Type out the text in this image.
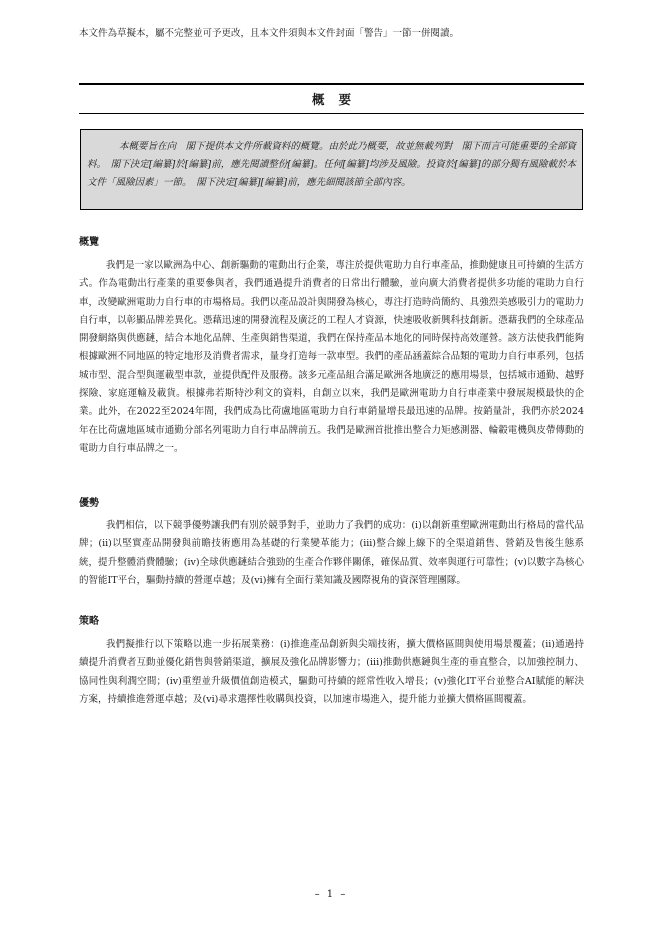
本文件為草擬本，屬不完整並可予更改，且本文件須與本文件封面「警告」一節一併閱讀。
概要
本概要旨在向　閣下提供本文件所載資料的概覽。由於此乃概要，故並無載列對　閣下而言可能重要的全部資料。　閣下決定[編纂]於[編纂]前，應先閱讀整份[編纂]。任何[編纂]均涉及風險。投資於[編纂]的部分獨有風險載於本文件「風險因素」一節。　閣下決定[編纂][編纂]前，應先細閱該節全部內容。
概覽
我們是一家以歐洲為中心、創新驅動的電動出行企業，專注於提供電助力自行車產品，推動健康且可持續的生活方式。作為電動出行產業的重要參與者，我們通過提升消費者的日常出行體驗，並向廣大消費者提供多功能的電助力自行車，改變歐洲電助力自行車的市場格局。我們以產品設計與開發為核心，專注打造時尚簡約、具強烈美感吸引力的電助力自行車，以彰顯品牌差異化。憑藉迅速的開發流程及廣泛的工程人才資源，快速吸收新興科技創新。憑藉我們的全球產品開發網絡與供應鏈，結合本地化品牌、生產與銷售渠道，我們在保持產品本地化的同時保持高效運營。該方法使我們能夠根據歐洲不同地區的特定地形及消費者需求，量身打造每一款車型。我們的產品涵蓋綜合品類的電助力自行車系列，包括城市型、混合型與運載型車款，並提供配件及服務。該多元產品組合滿足歐洲各地廣泛的應用場景，包括城市通勤、越野探險、家庭運輸及載貨。根據弗若斯特沙利文的資料，自創立以來，我們是歐洲電助力自行車產業中發展規模最快的企業。此外，在2022至2024年間，我們成為比荷盧地區電助力自行車銷量增長最迅速的品牌。按銷量計，我們亦於2024年在比荷盧地區城市通勤分部名列電助力自行車品牌前五。我們是歐洲首批推出整合力矩感測器、輪轂電機與皮帶傳動的電助力自行車品牌之一。
優勢
我們相信，以下競爭優勢讓我們有別於競爭對手，並助力了我們的成功：(i)以創新重塑歐洲電動出行格局的當代品牌；(ii)以堅實產品開發與前瞻技術應用為基礎的行業變革能力；(iii)整合線上線下的全渠道銷售、營銷及售後生態系統，提升整體消費體驗；(iv)全球供應鏈結合強勁的生產合作夥伴關係，確保品質、效率與運行可靠性；(v)以數字為核心的智能IT平台，驅動持續的營運卓越；及(vi)擁有全面行業知識及國際視角的資深管理團隊。
策略
我們擬推行以下策略以進一步拓展業務：(i)推進產品創新與尖端技術，擴大價格區間與使用場景覆蓋；(ii)通過持續提升消費者互動並優化銷售與營銷渠道，擴展及強化品牌影響力；(iii)推動供應鏈與生產的垂直整合，以加強控制力、協同性與利潤空間；(iv)重塑並升級價值創造模式，驅動可持續的經常性收入增長；(v)強化IT平台並整合AI賦能的解決方案，持續推進營運卓越；及(vi)尋求選擇性收購與投資，以加速市場進入，提升能力並擴大價格區間覆蓋。
– 1 –
